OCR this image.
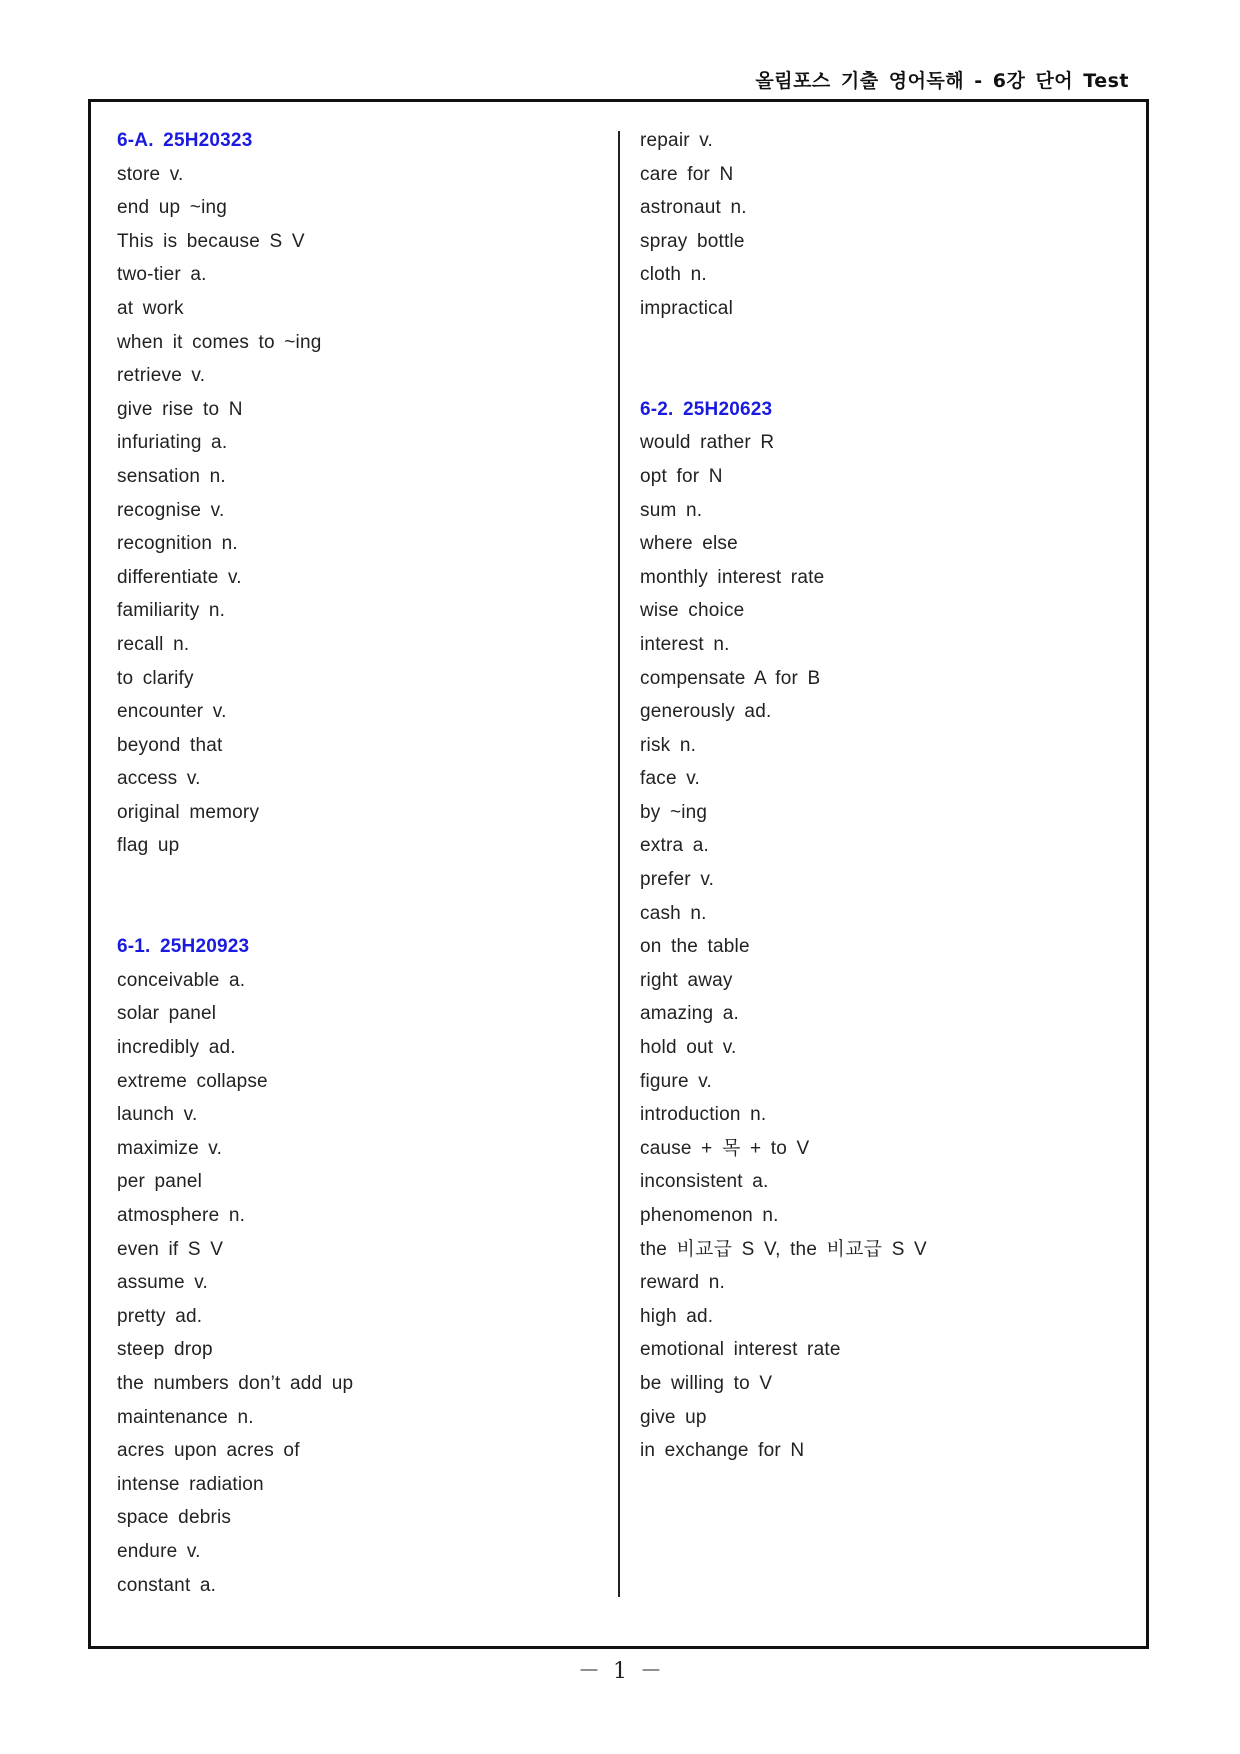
올림포스 기출 영어독해 - 6강 단어 Test
6-A. 25H20323
store v.
end up ~ing
This is because S V
two-tier a.
at work
when it comes to ~ing
retrieve v.
give rise to N
infuriating a.
sensation n.
recognise v.
recognition n.
differentiate v.
familiarity n.
recall n.
to clarify
encounter v.
beyond that
access v.
original memory
flag up
6-1. 25H20923
conceivable a.
solar panel
incredibly ad.
extreme collapse
launch v.
maximize v.
per panel
atmosphere n.
even if S V
assume v.
pretty ad.
steep drop
the numbers don’t add up
maintenance n.
acres upon acres of
intense radiation
space debris
endure v.
constant a.
repair v.
care for N
astronaut n.
spray bottle
cloth n.
impractical
6-2. 25H20623
would rather R
opt for N
sum n.
where else
monthly interest rate
wise choice
interest n.
compensate A for B
generously ad.
risk n.
face v.
by ~ing
extra a.
prefer v.
cash n.
on the table
right away
amazing a.
hold out v.
figure v.
introduction n.
cause + 목 + to V
inconsistent a.
phenomenon n.
the 비교급 S V, the 비교급 S V
reward n.
high ad.
emotional interest rate
be willing to V
give up
in exchange for N
－ 1 －
